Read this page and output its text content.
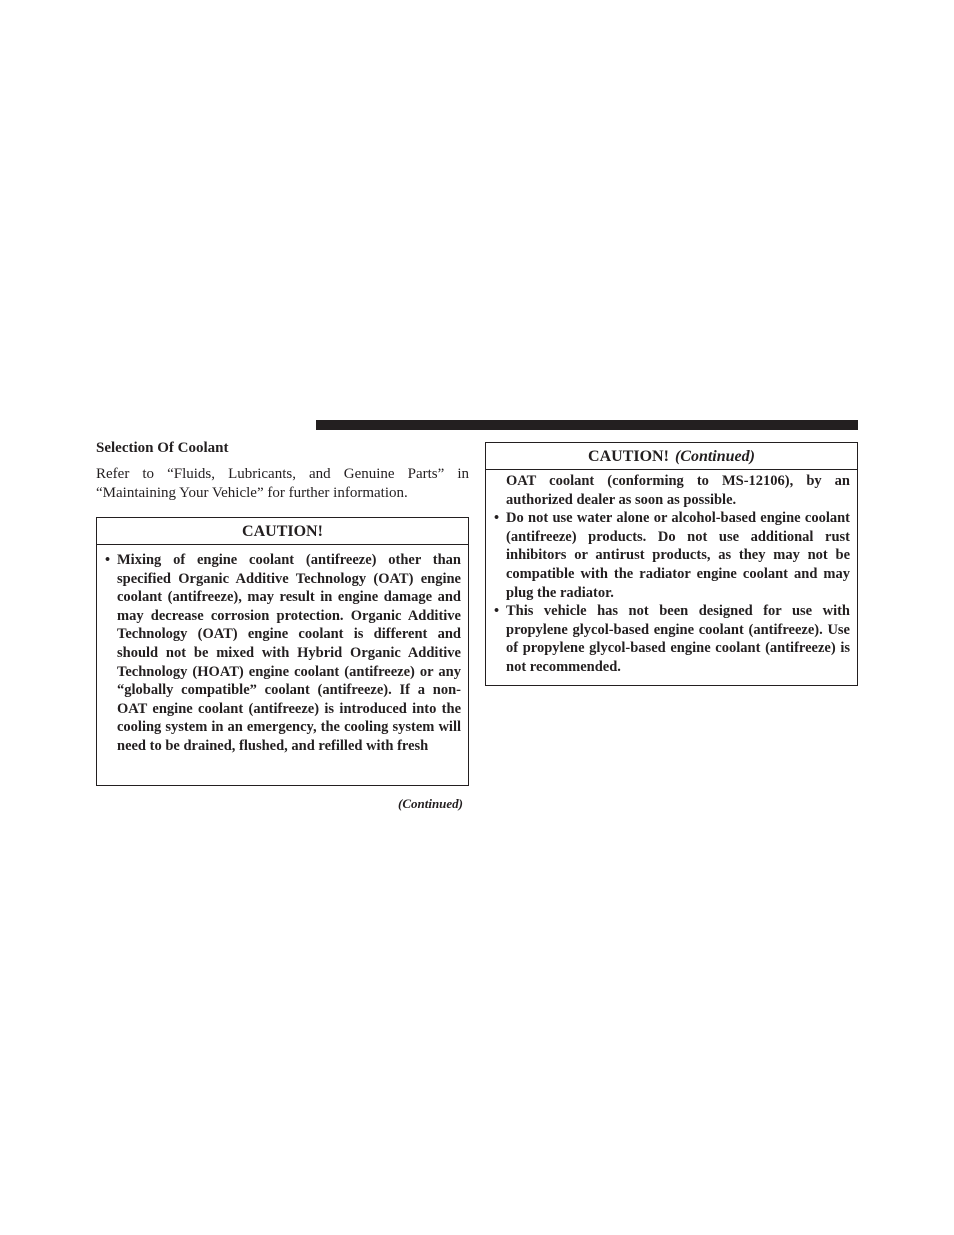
Selection Of Coolant

Refer to “Fluids, Lubricants, and Genuine Parts” in “Maintaining Your Vehicle” for further information.

CAUTION!

• Mixing of engine coolant (antifreeze) other than specified Organic Additive Technology (OAT) engine coolant (antifreeze), may result in engine damage and may decrease corrosion protection. Organic Additive Technology (OAT) engine coolant is different and should not be mixed with Hybrid Organic Additive Technology (HOAT) engine coolant (antifreeze) or any “globally compatible” coolant (antifreeze). If a non-OAT engine coolant (antifreeze) is introduced into the cooling system in an emergency, the cooling system will need to be drained, flushed, and refilled with fresh

(Continued)
CAUTION! (Continued)

OAT coolant (conforming to MS-12106), by an authorized dealer as soon as possible.

• Do not use water alone or alcohol-based engine coolant (antifreeze) products. Do not use additional rust inhibitors or antirust products, as they may not be compatible with the radiator engine coolant and may plug the radiator.

• This vehicle has not been designed for use with propylene glycol-based engine coolant (antifreeze). Use of propylene glycol-based engine coolant (antifreeze) is not recommended.
